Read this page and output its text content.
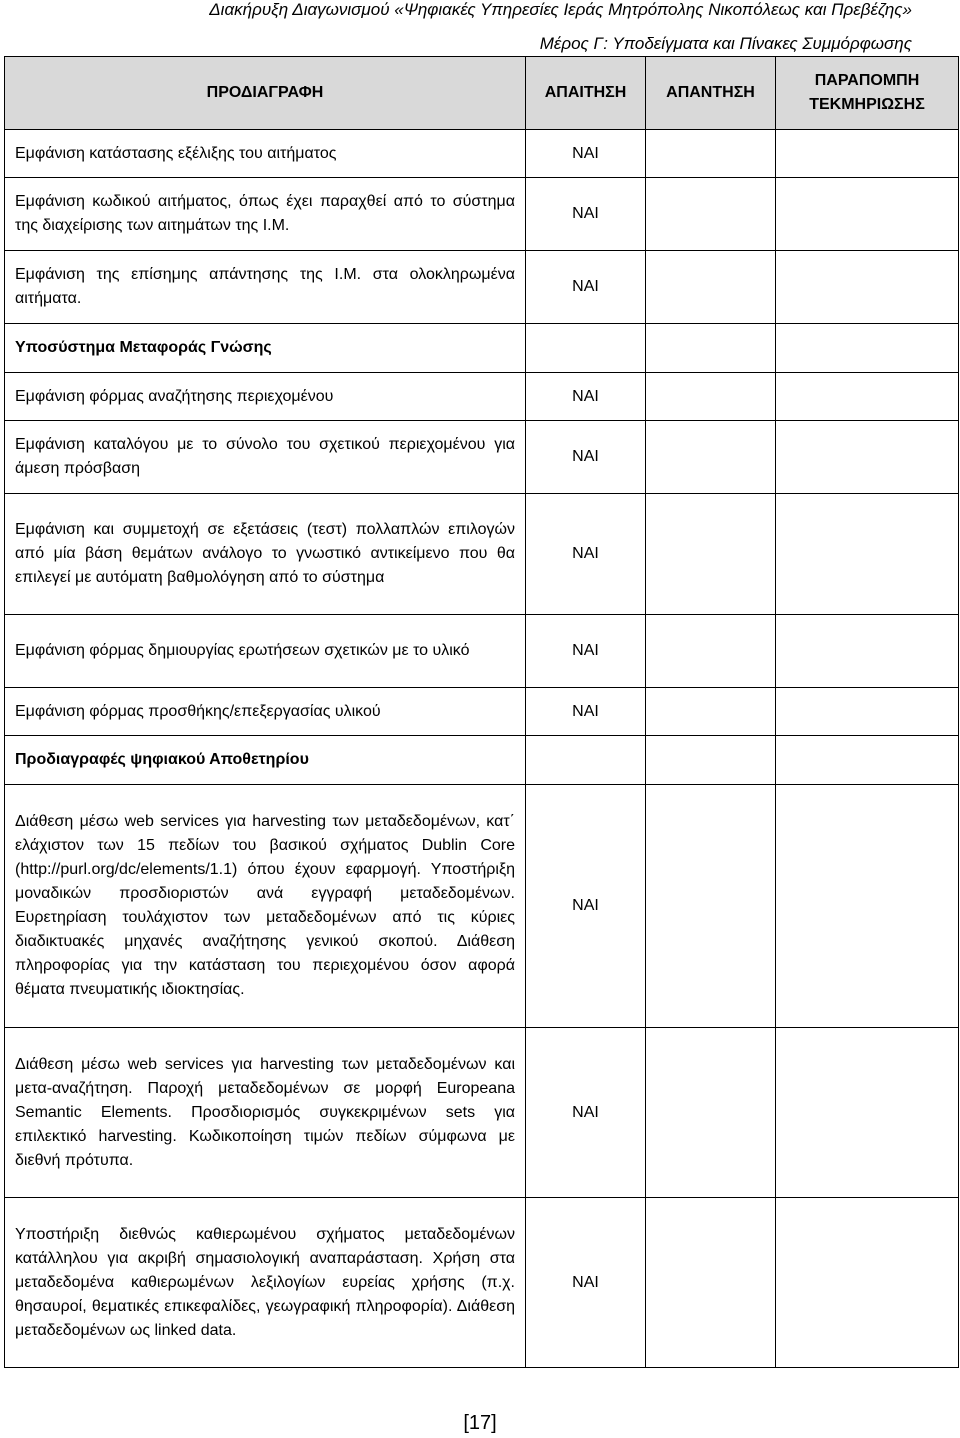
Διακήρυξη Διαγωνισμού «Ψηφιακές Υπηρεσίες Ιεράς Μητρόπολης Νικοπόλεως και Πρεβέζης»
Μέρος Γ: Υποδείγματα και Πίνακες Συμμόρφωσης
ΠΡΟΔΙΑΓΡΑΦΗ	ΑΠΑΙΤΗΣΗ	ΑΠΑΝΤΗΣΗ	ΠΑΡΑΠΟΜΠΗ ΤΕΚΜΗΡΙΩΣΗΣ
Εμφάνιση κατάστασης εξέλιξης του αιτήματος	ΝΑΙ		
Εμφάνιση κωδικού αιτήματος, όπως έχει παραχθεί από το σύστημα της διαχείρισης των αιτημάτων της Ι.Μ.	ΝΑΙ		
Εμφάνιση της επίσημης απάντησης της Ι.Μ. στα ολοκληρωμένα αιτήματα.	ΝΑΙ		
Υποσύστημα Μεταφοράς Γνώσης			
Εμφάνιση φόρμας αναζήτησης περιεχομένου	ΝΑΙ		
Εμφάνιση καταλόγου με το σύνολο του σχετικού περιεχομένου για άμεση πρόσβαση	ΝΑΙ		
Εμφάνιση και συμμετοχή σε εξετάσεις (τεστ) πολλαπλών επιλογών από μία βάση θεμάτων ανάλογο το γνωστικό αντικείμενο που θα επιλεγεί με αυτόματη βαθμολόγηση από το σύστημα	ΝΑΙ		
Εμφάνιση φόρμας δημιουργίας ερωτήσεων σχετικών με το υλικό	ΝΑΙ		
Εμφάνιση φόρμας προσθήκης/επεξεργασίας υλικού	ΝΑΙ		
Προδιαγραφές ψηφιακού Αποθετηρίου			
Διάθεση μέσω web services για harvesting των μεταδεδομένων, κατ΄ ελάχιστον των 15 πεδίων του βασικού σχήματος Dublin Core (http://purl.org/dc/elements/1.1) όπου έχουν εφαρμογή. Υποστήριξη μοναδικών προσδιοριστών ανά εγγραφή μεταδεδομένων. Ευρετηρίαση τουλάχιστον των μεταδεδομένων από τις κύριες διαδικτυακές μηχανές αναζήτησης γενικού σκοπού. Διάθεση πληροφορίας για την κατάσταση του περιεχομένου όσον αφορά θέματα πνευματικής ιδιοκτησίας.	ΝΑΙ		
Διάθεση μέσω web services για harvesting των μεταδεδομένων και μετα-αναζήτηση. Παροχή μεταδεδομένων σε μορφή Europeana Semantic Elements. Προσδιορισμός συγκεκριμένων sets για επιλεκτικό harvesting. Κωδικοποίηση τιμών πεδίων σύμφωνα με διεθνή πρότυπα.	ΝΑΙ		
Υποστήριξη διεθνώς καθιερωμένου σχήματος μεταδεδομένων κατάλληλου για ακριβή σημασιολογική αναπαράσταση. Χρήση στα μεταδεδομένα καθιερωμένων λεξιλογίων ευρείας χρήσης (π.χ. θησαυροί, θεματικές επικεφαλίδες, γεωγραφική πληροφορία). Διάθεση μεταδεδομένων ως linked data.	ΝΑΙ		
[17]
